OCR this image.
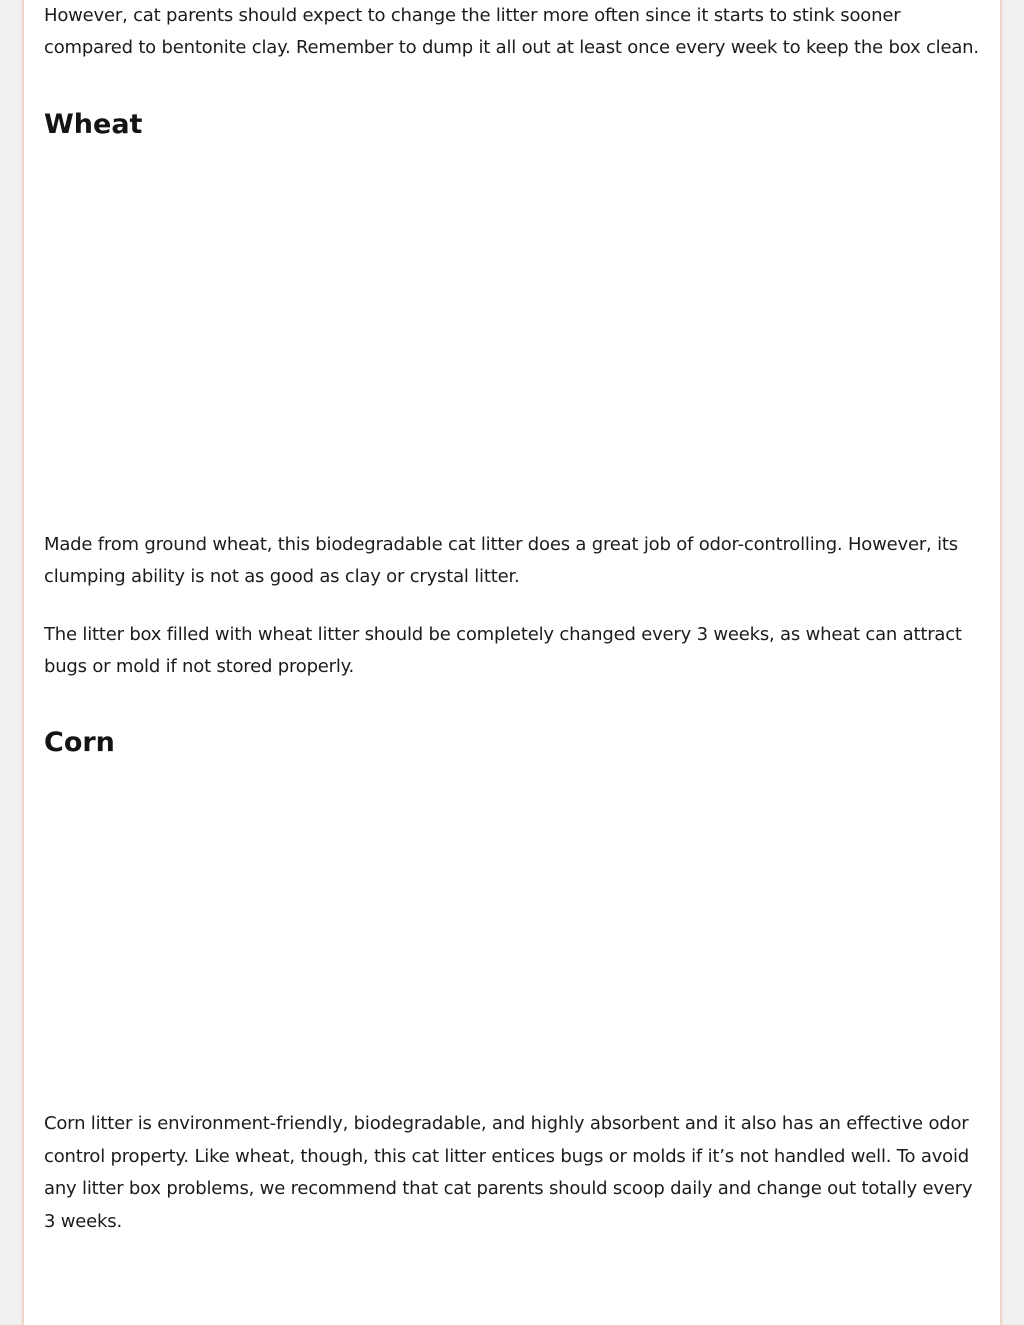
However, cat parents should expect to change the litter more often since it starts to stink sooner compared to bentonite clay. Remember to dump it all out at least once every week to keep the box clean.

Wheat

Made from ground wheat, this biodegradable cat litter does a great job of odor-controlling. However, its clumping ability is not as good as clay or crystal litter.

The litter box filled with wheat litter should be completely changed every 3 weeks, as wheat can attract bugs or mold if not stored properly.

Corn

Corn litter is environment-friendly, biodegradable, and highly absorbent and it also has an effective odor control property. Like wheat, though, this cat litter entices bugs or molds if it’s not handled well. To avoid any litter box problems, we recommend that cat parents should scoop daily and change out totally every 3 weeks.
